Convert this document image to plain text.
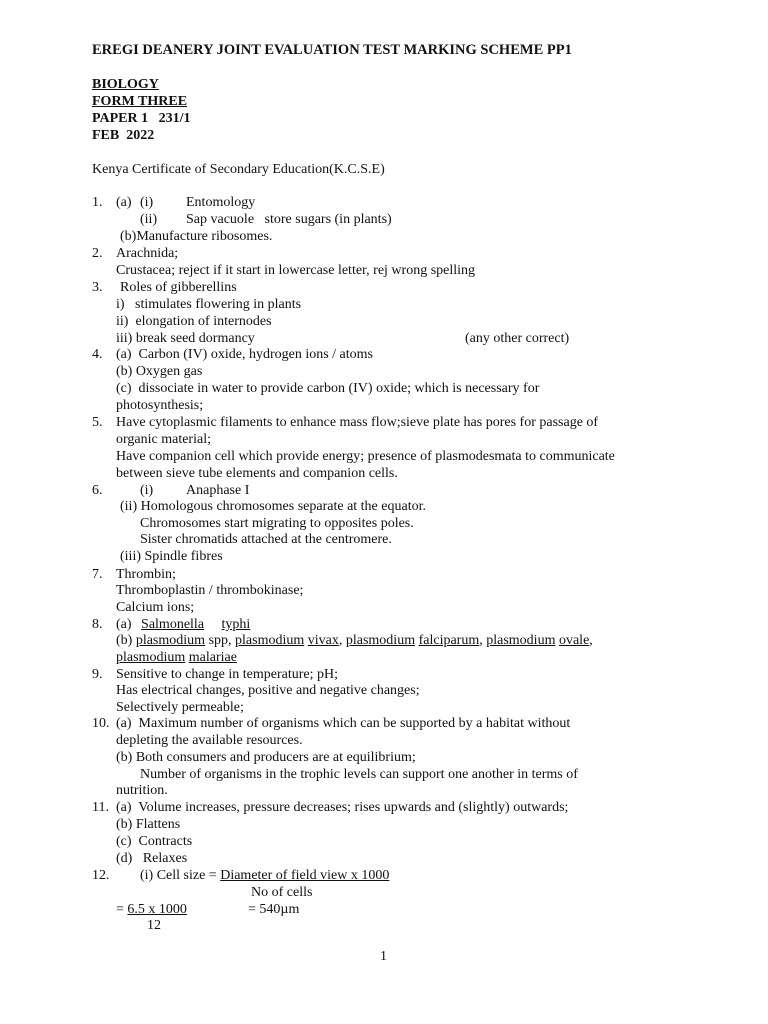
EREGI DEANERY JOINT EVALUATION TEST MARKING SCHEME PP1
BIOLOGY
FORM THREE
PAPER 1   231/1
FEB  2022
Kenya Certificate of Secondary Education(K.C.S.E)
1. (a) (i) Entomology
(ii) Sap vacuole   store sugars (in plants)
(b)Manufacture ribosomes.
2. Arachnida;
Crustacea; reject if it start in lowercase letter, rej wrong spelling
3. Roles of gibberellins
i)   stimulates flowering in plants
ii)  elongation of internodes
iii) break seed dormancy	(any other correct)
4. (a)  Carbon (IV) oxide, hydrogen ions / atoms
(b) Oxygen gas
(c)  dissociate in water to provide carbon (IV) oxide; which is necessary for
photosynthesis;
5. Have cytoplasmic filaments to enhance mass flow;sieve plate has pores for passage of
organic material;
Have companion cell which provide energy; presence of plasmodesmata to communicate
between sieve tube elements and companion cells.
6.	(i) Anaphase I
(ii) Homologous chromosomes separate at the equator.
Chromosomes start migrating to opposites poles.
Sister chromatids attached at the centromere.
(iii) Spindle fibres
7. Thrombin;
Thromboplastin / thrombokinase;
Calcium ions;
8. (a) Salmonella typhi
(b) plasmodium spp, plasmodium vivax, plasmodium falciparum, plasmodium ovale,
plasmodium malariae
9. Sensitive to change in temperature; pH;
Has electrical changes, positive and negative changes;
Selectively permeable;
10. (a)  Maximum number of organisms which can be supported by a habitat without
depleting the available resources.
(b) Both consumers and producers are at equilibrium;
Number of organisms in the trophic levels can support one another in terms of
nutrition.
11. (a)  Volume increases, pressure decreases; rises upwards and (slightly) outwards;
(b) Flattens
(c)  Contracts
(d)   Relaxes
12. (i) Cell size = Diameter of field view x 1000
No of cells
= 6.5 x 1000	= 540µm
12
1
